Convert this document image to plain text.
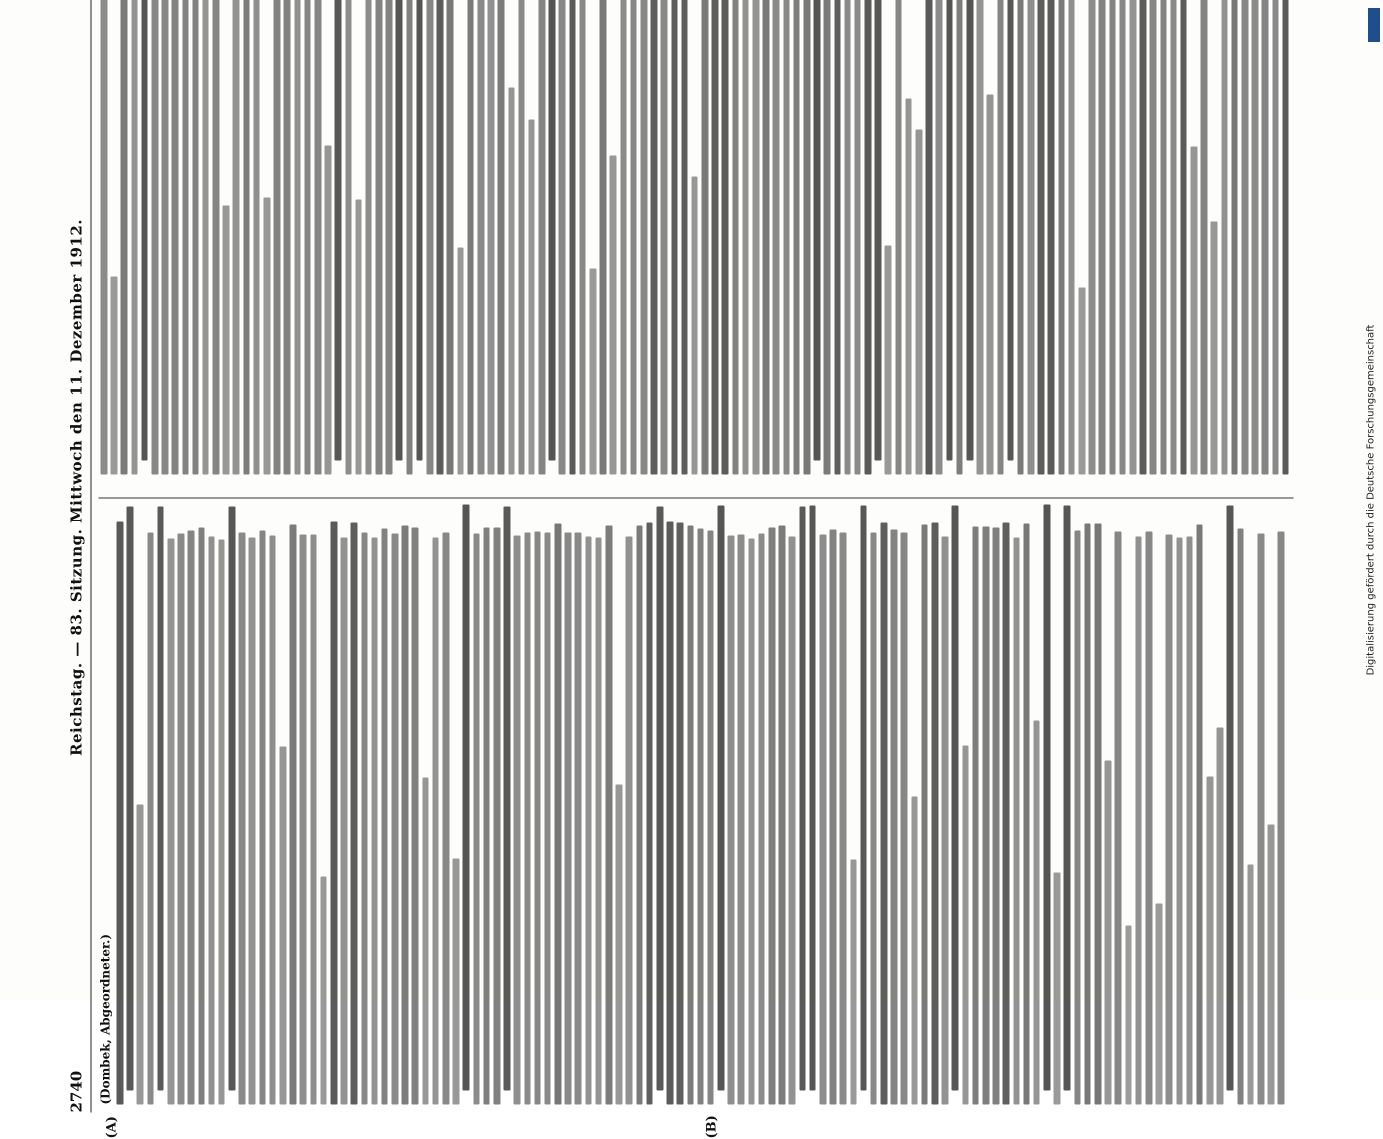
2740
Reichstag. — 83. Sitzung. Mittwoch den 11. Dezember 1912.
(Dombek, Abgeordneter.)
(A)	(B)
Digitalisierung gefördert durch die Deutsche Forschungsgemeinschaft
